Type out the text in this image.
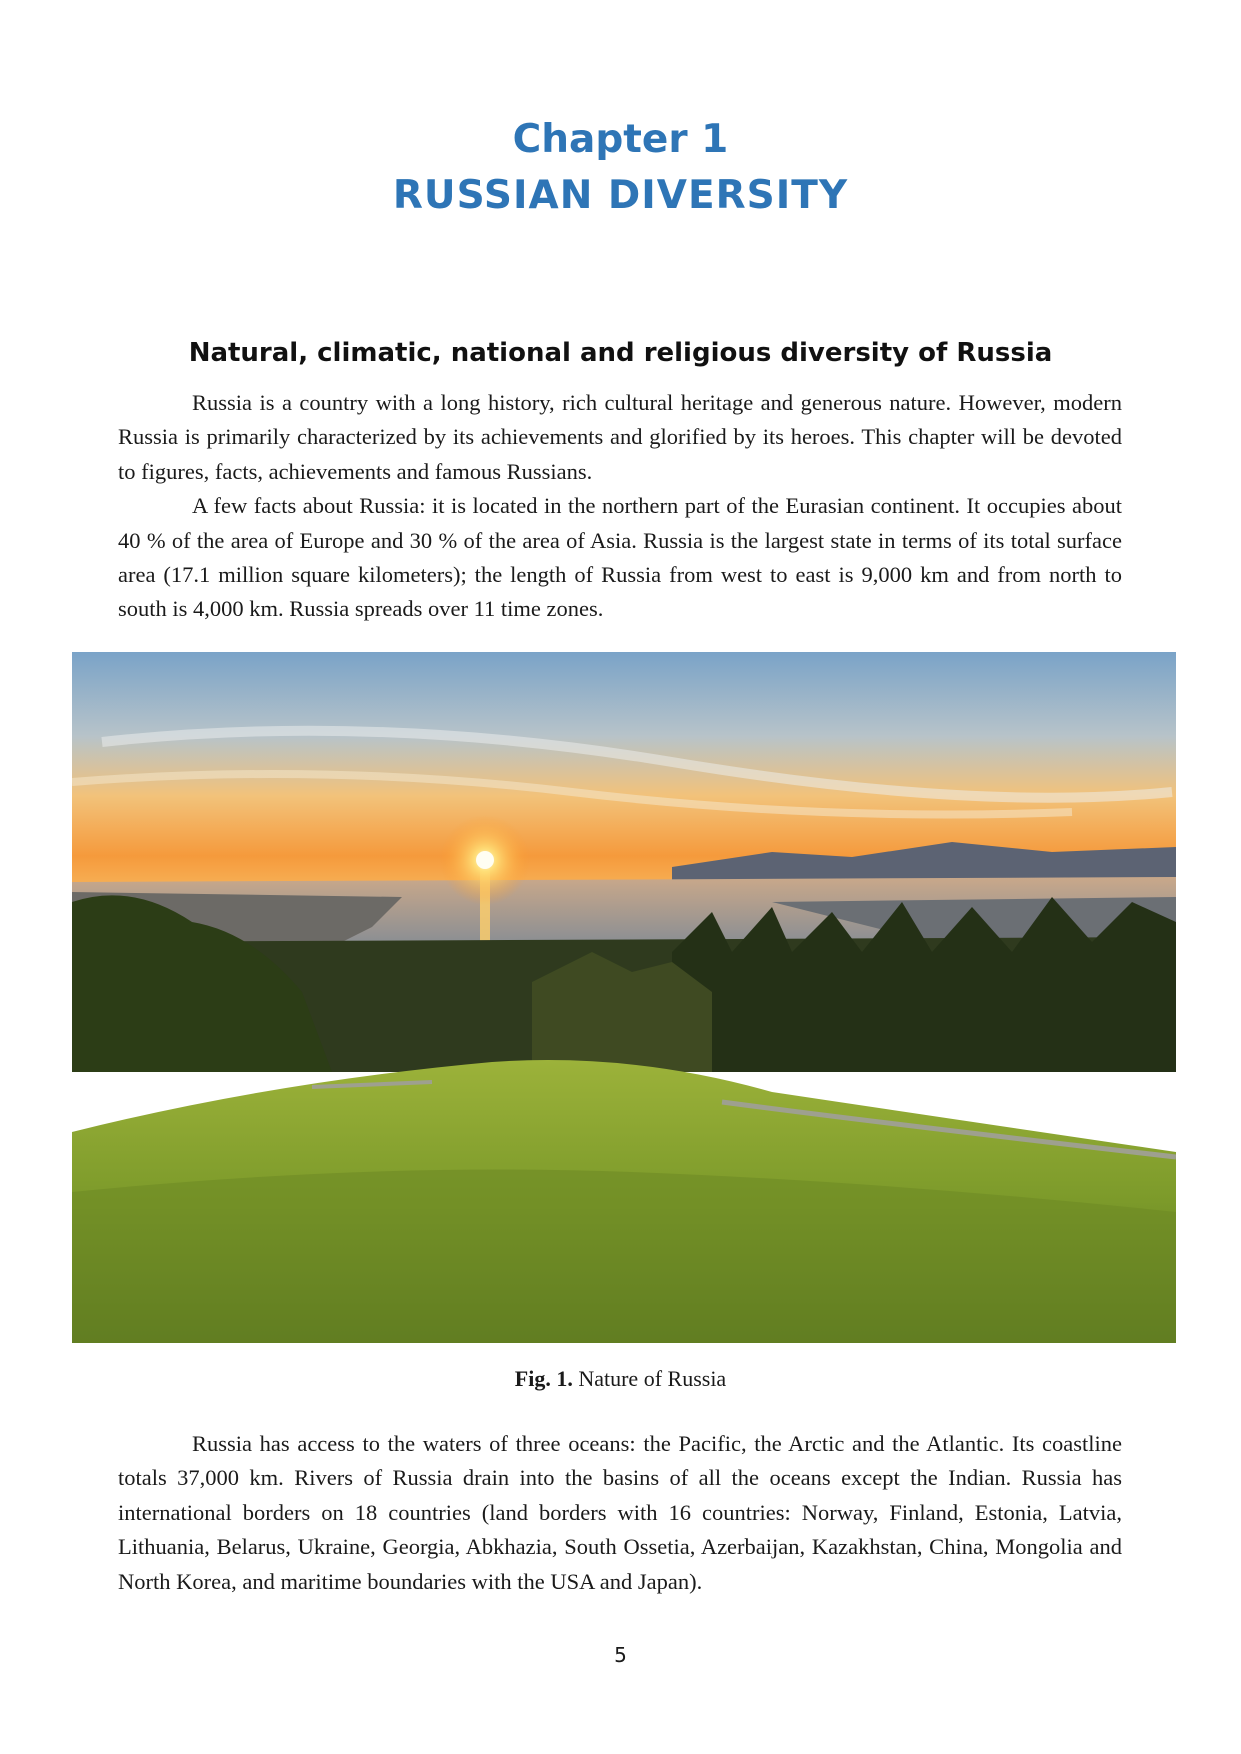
Chapter 1
RUSSIAN DIVERSITY
Natural, climatic, national and religious diversity of Russia

Russia is a country with a long history, rich cultural heritage and generous nature. However, modern Russia is primarily characterized by its achievements and glorified by its heroes. This chapter will be devoted to figures, facts, achievements and famous Russians.

A few facts about Russia: it is located in the northern part of the Eurasian continent. It occupies about 40 % of the area of Europe and 30 % of the area of Asia. Russia is the largest state in terms of its total surface area (17.1 million square kilometers); the length of Russia from west to east is 9,000 km and from north to south is 4,000 km. Russia spreads over 11 time zones.

Fig. 1. Nature of Russia

Russia has access to the waters of three oceans: the Pacific, the Arctic and the Atlantic. Its coastline totals 37,000 km. Rivers of Russia drain into the basins of all the oceans except the Indian. Russia has international borders on 18 countries (land borders with 16 countries: Norway, Finland, Estonia, Latvia, Lithuania, Belarus, Ukraine, Georgia, Abkhazia, South Ossetia, Azerbaijan, Kazakhstan, China, Mongolia and North Korea, and maritime boundaries with the USA and Japan).

5
